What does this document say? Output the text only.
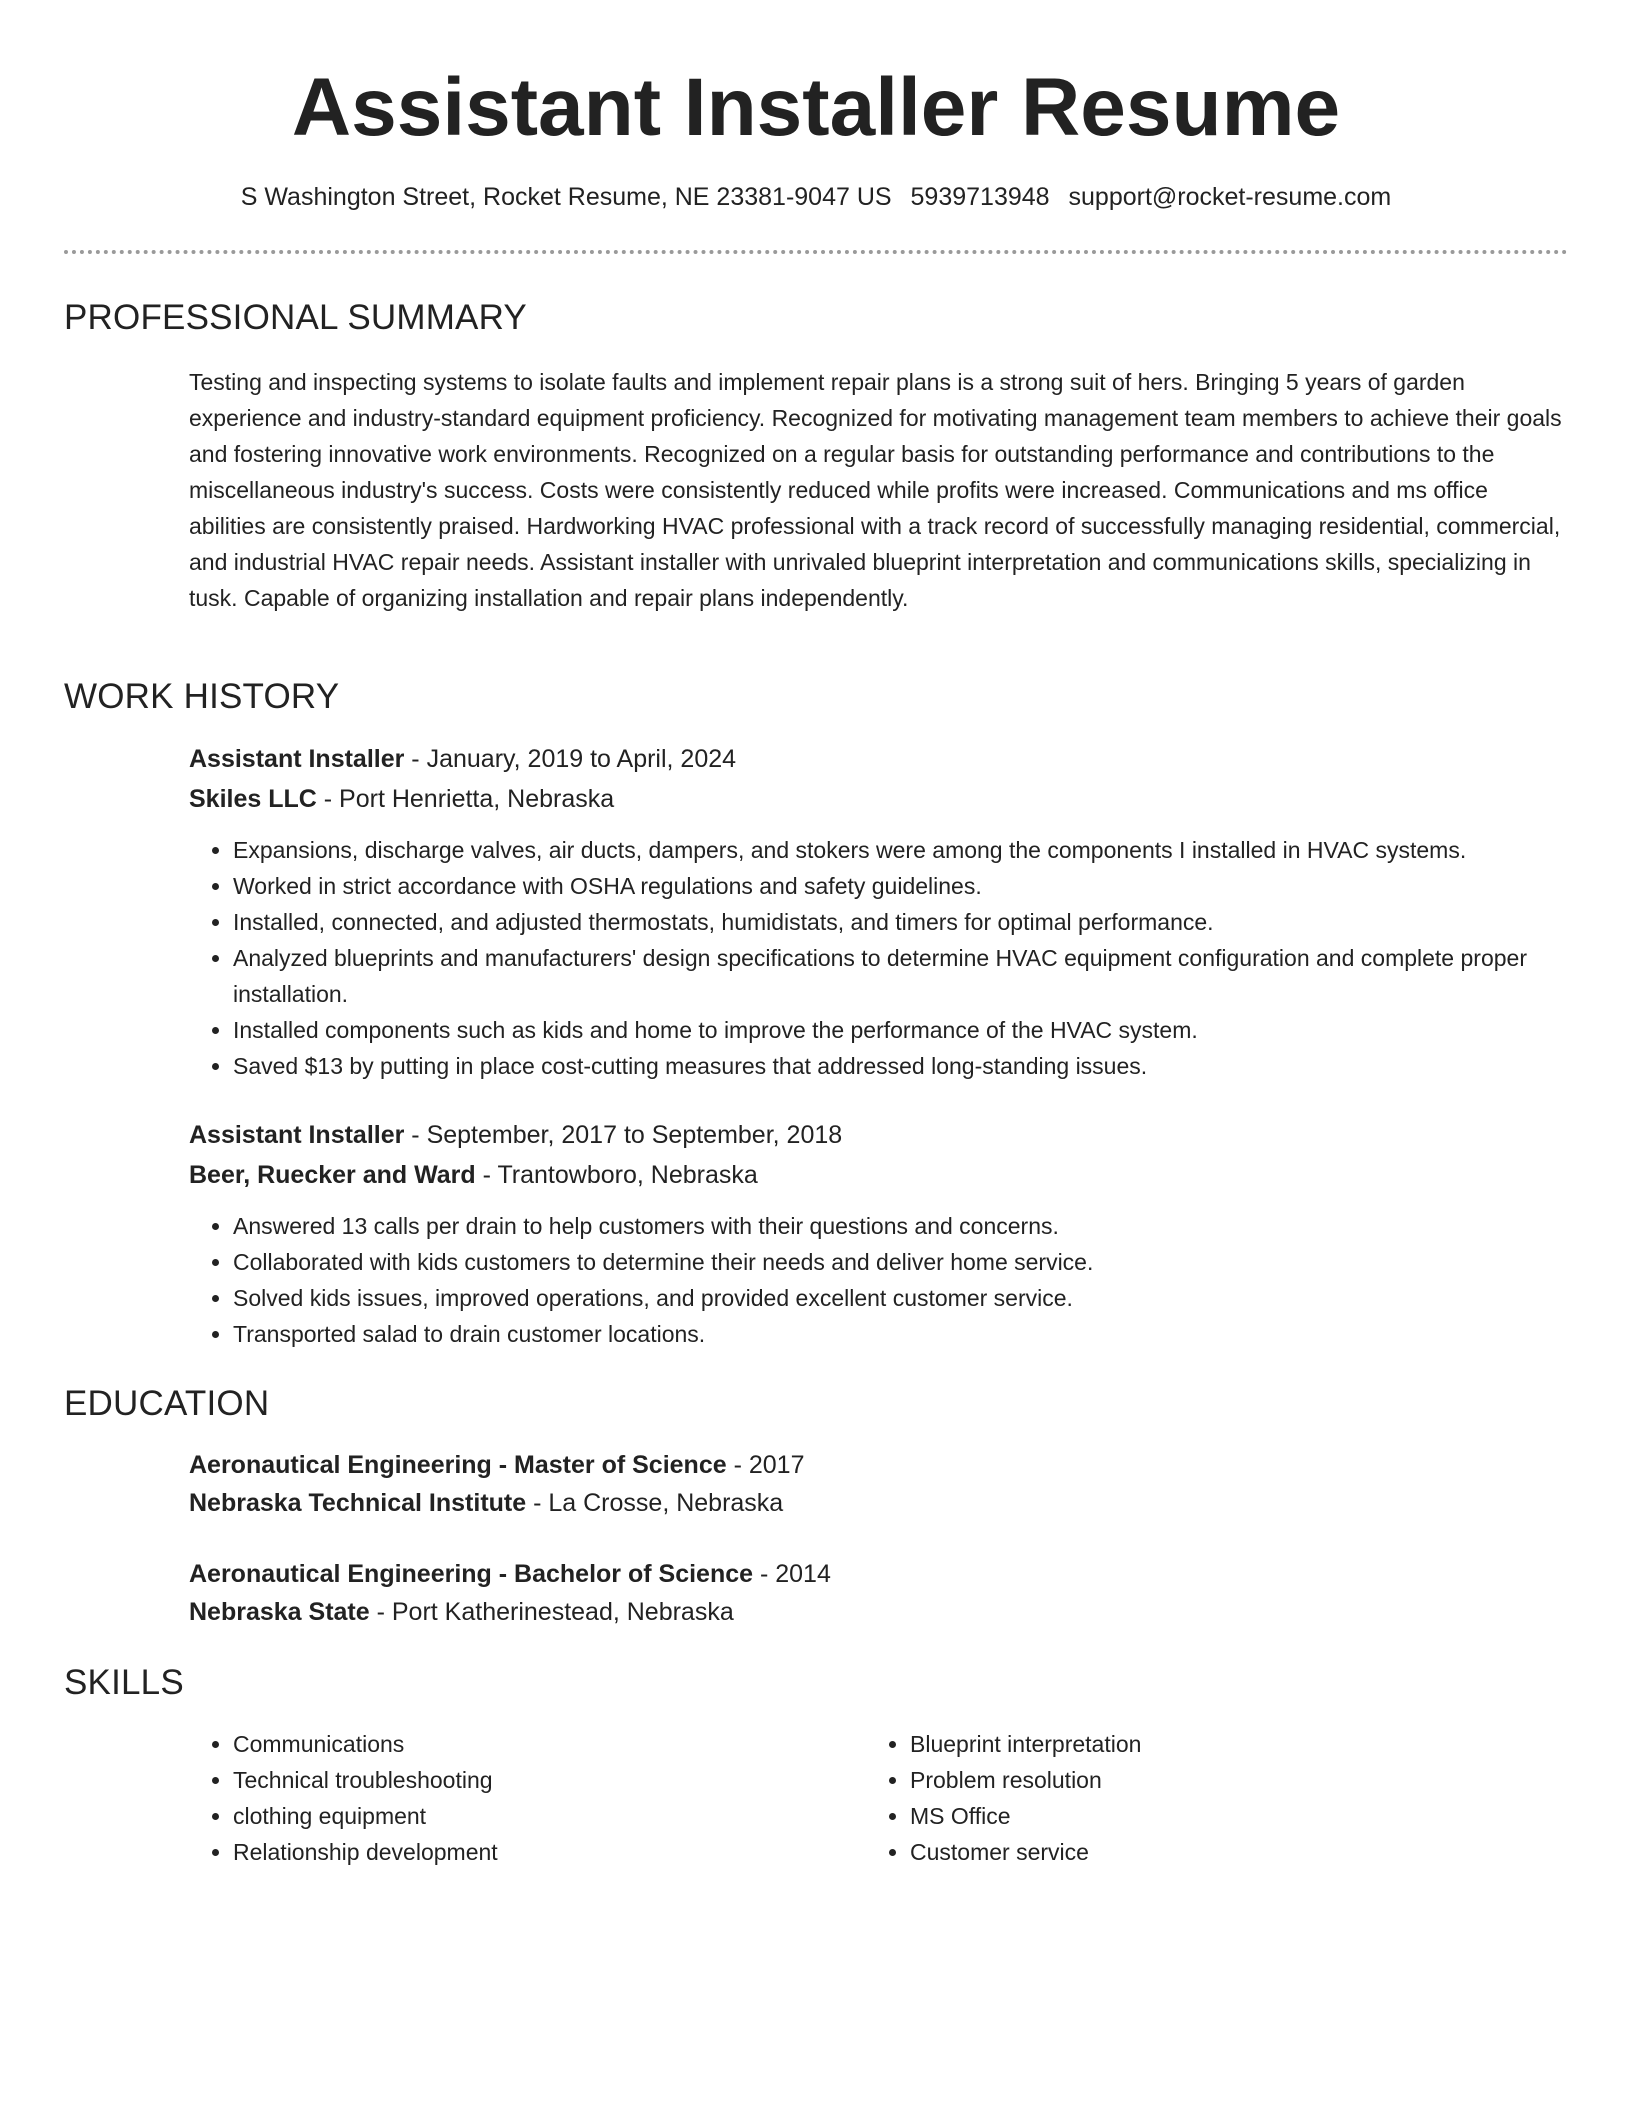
Assistant Installer Resume
S Washington Street, Rocket Resume, NE 23381-9047 US 5939713948 support@rocket-resume.com
PROFESSIONAL SUMMARY

Testing and inspecting systems to isolate faults and implement repair plans is a strong suit of hers. Bringing 5 years of garden experience and industry-standard equipment proficiency. Recognized for motivating management team members to achieve their goals and fostering innovative work environments. Recognized on a regular basis for outstanding performance and contributions to the miscellaneous industry's success. Costs were consistently reduced while profits were increased. Communications and ms office abilities are consistently praised. Hardworking HVAC professional with a track record of successfully managing residential, commercial, and industrial HVAC repair needs. Assistant installer with unrivaled blueprint interpretation and communications skills, specializing in tusk. Capable of organizing installation and repair plans independently.

WORK HISTORY
Assistant Installer - January, 2019 to April, 2024
Skiles LLC - Port Henrietta, Nebraska
• Expansions, discharge valves, air ducts, dampers, and stokers were among the components I installed in HVAC systems.
• Worked in strict accordance with OSHA regulations and safety guidelines.
• Installed, connected, and adjusted thermostats, humidistats, and timers for optimal performance.
• Analyzed blueprints and manufacturers' design specifications to determine HVAC equipment configuration and complete proper installation.
• Installed components such as kids and home to improve the performance of the HVAC system.
• Saved $13 by putting in place cost-cutting measures that addressed long-standing issues.
Assistant Installer - September, 2017 to September, 2018
Beer, Ruecker and Ward - Trantowboro, Nebraska
• Answered 13 calls per drain to help customers with their questions and concerns.
• Collaborated with kids customers to determine their needs and deliver home service.
• Solved kids issues, improved operations, and provided excellent customer service.
• Transported salad to drain customer locations.
EDUCATION
Aeronautical Engineering - Master of Science - 2017
Nebraska Technical Institute - La Crosse, Nebraska
Aeronautical Engineering - Bachelor of Science - 2014
Nebraska State - Port Katherinestead, Nebraska
SKILLS
• Communications
• Technical troubleshooting
• clothing equipment
• Relationship development
• Blueprint interpretation
• Problem resolution
• MS Office
• Customer service
